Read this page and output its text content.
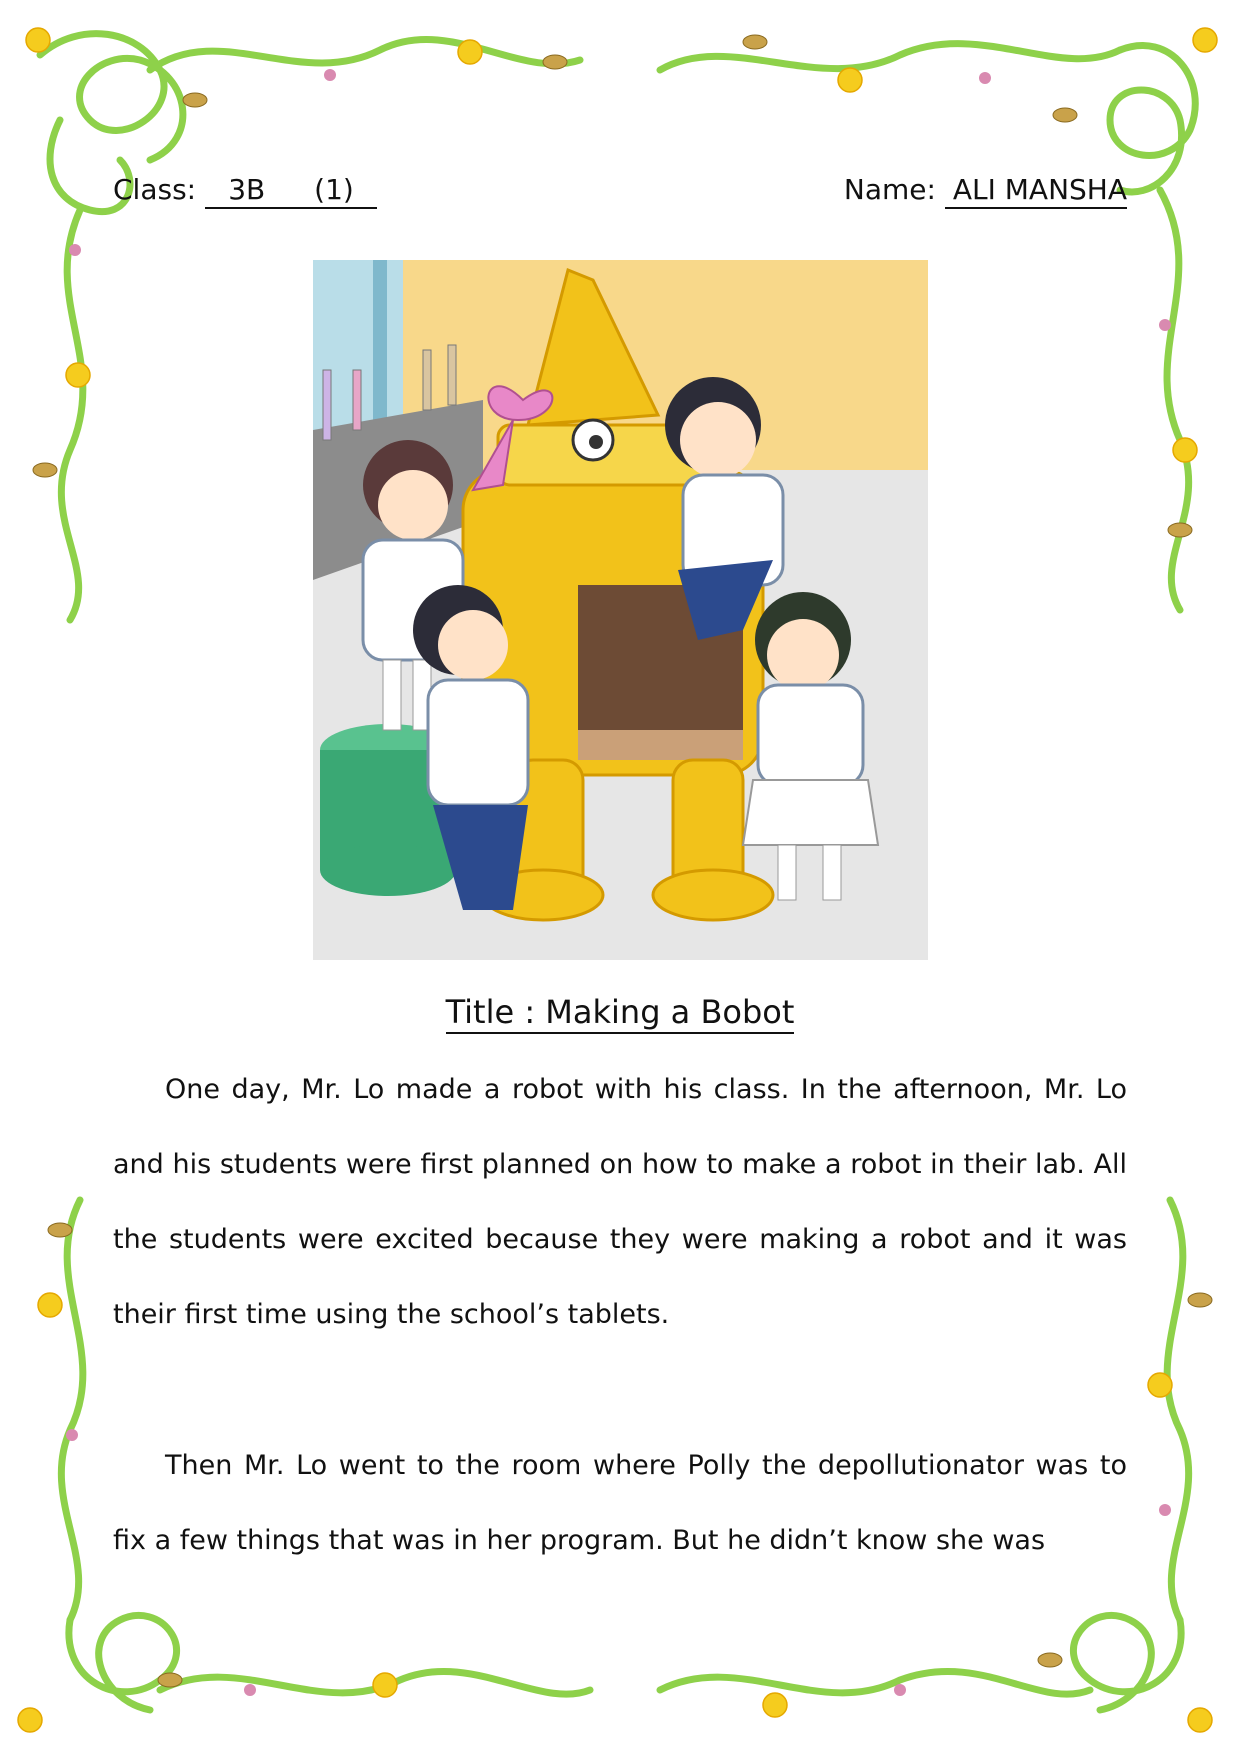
Class: 3B (1)	Name: ALI MANSHA
Title : Making a Bobot

One day, Mr. Lo made a robot with his class. In the afternoon, Mr. Lo and his students were first planned on how to make a robot in their lab. All the students were excited because they were making a robot and it was their first time using the school’s tablets.

Then Mr. Lo went to the room where Polly the depollutionator was to fix a few things that was in her program. But he didn’t know she was
